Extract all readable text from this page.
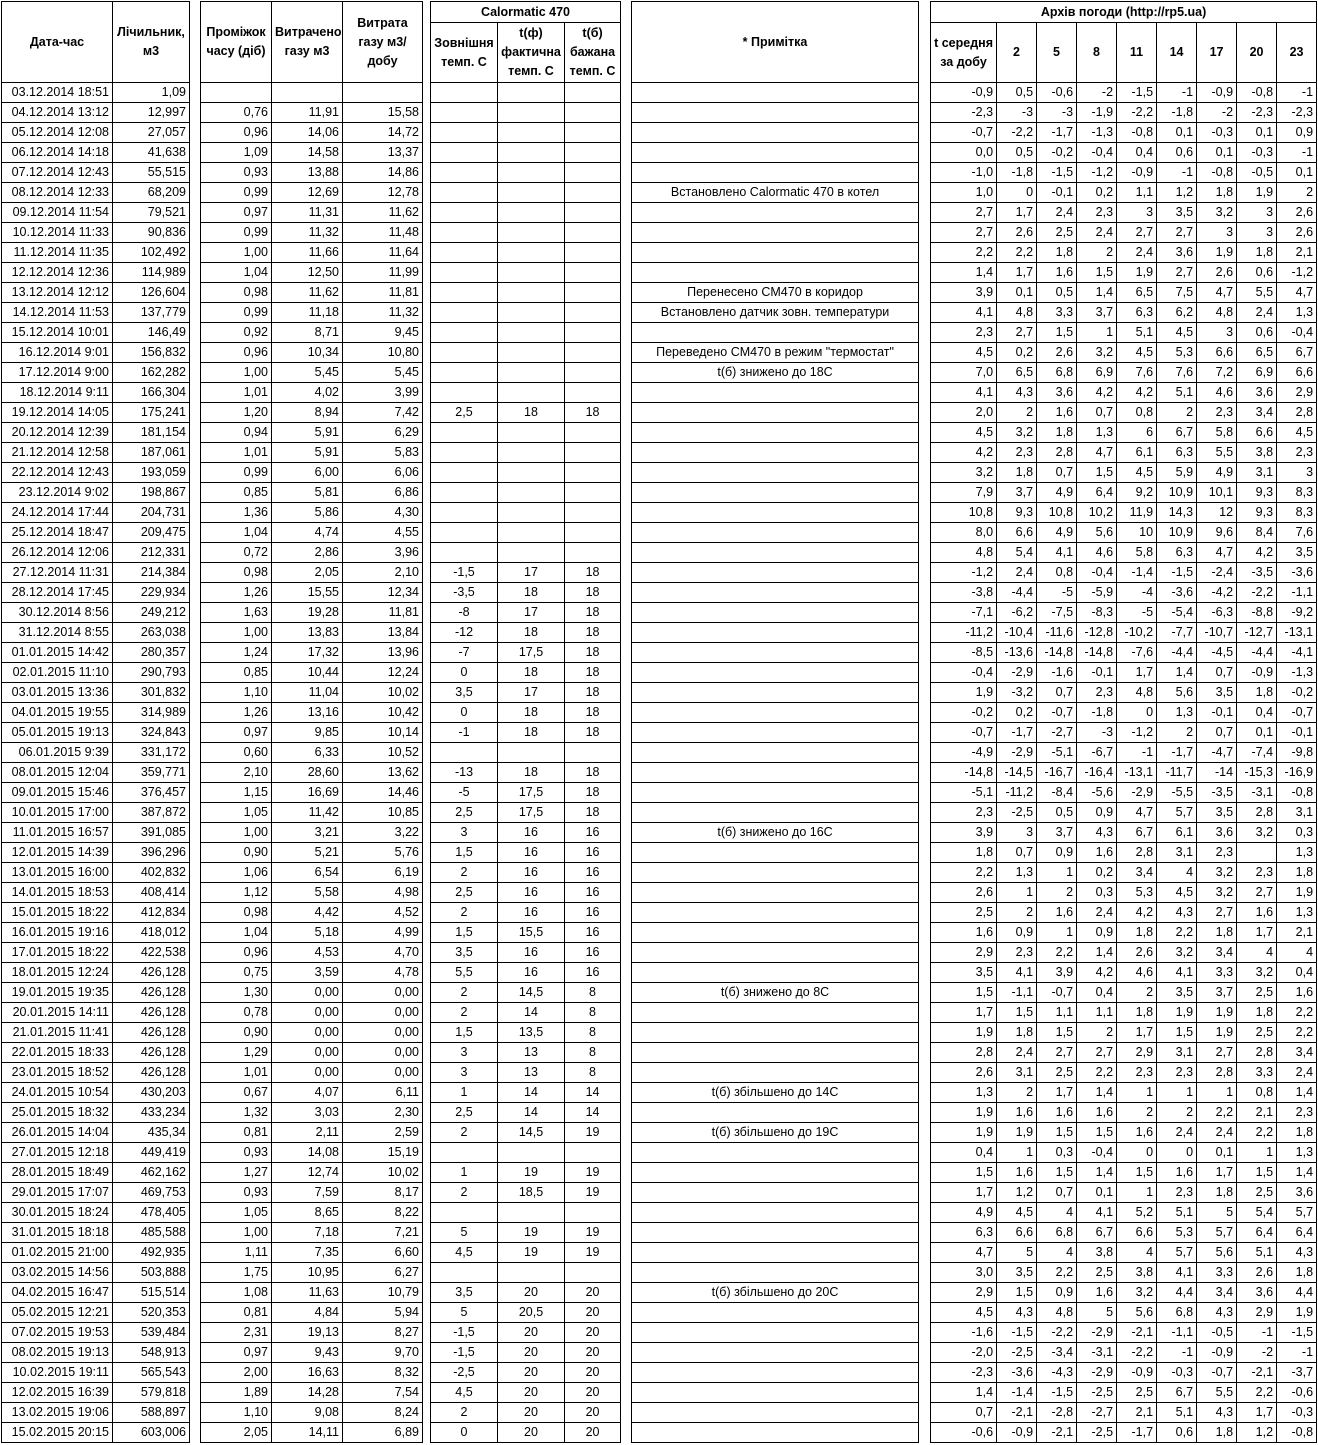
Дата-час	Лічильник, м3		Проміжок часу (діб)	Витрачено газу м3	Витрата газу м3/добу		Calormatic 470				* Примітка		Архів погоди (http://rp5.ua)								
							Зовнішня темп. С	t(ф) фактична темп. С	t(б) бажана темп. С				t середня за добу	2	5	8	11	14	17	20	23
03.12.2014 18:51	1,09												-0,9	0,5	-0,6	-2	-1,5	-1	-0,9	-0,8	-1
04.12.2014 13:12	12,997		0,76	11,91	15,58								-2,3	-3	-3	-1,9	-2,2	-1,8	-2	-2,3	-2,3
05.12.2014 12:08	27,057		0,96	14,06	14,72								-0,7	-2,2	-1,7	-1,3	-0,8	0,1	-0,3	0,1	0,9
06.12.2014 14:18	41,638		1,09	14,58	13,37								0,0	0,5	-0,2	-0,4	0,4	0,6	0,1	-0,3	-1
07.12.2014 12:43	55,515		0,93	13,88	14,86								-1,0	-1,8	-1,5	-1,2	-0,9	-1	-0,8	-0,5	0,1
08.12.2014 12:33	68,209		0,99	12,69	12,78						Встановлено Calormatic 470 в котел		1,0	0	-0,1	0,2	1,1	1,2	1,8	1,9	2
09.12.2014 11:54	79,521		0,97	11,31	11,62								2,7	1,7	2,4	2,3	3	3,5	3,2	3	2,6
10.12.2014 11:33	90,836		0,99	11,32	11,48								2,7	2,6	2,5	2,4	2,7	2,7	3	3	2,6
11.12.2014 11:35	102,492		1,00	11,66	11,64								2,2	2,2	1,8	2	2,4	3,6	1,9	1,8	2,1
12.12.2014 12:36	114,989		1,04	12,50	11,99								1,4	1,7	1,6	1,5	1,9	2,7	2,6	0,6	-1,2
13.12.2014 12:12	126,604		0,98	11,62	11,81						Перенесено CM470 в коридор		3,9	0,1	0,5	1,4	6,5	7,5	4,7	5,5	4,7
14.12.2014 11:53	137,779		0,99	11,18	11,32						Встановлено датчик зовн. температури		4,1	4,8	3,3	3,7	6,3	6,2	4,8	2,4	1,3
15.12.2014 10:01	146,49		0,92	8,71	9,45								2,3	2,7	1,5	1	5,1	4,5	3	0,6	-0,4
16.12.2014 9:01	156,832		0,96	10,34	10,80						Переведено CM470 в режим "термостат"		4,5	0,2	2,6	3,2	4,5	5,3	6,6	6,5	6,7
17.12.2014 9:00	162,282		1,00	5,45	5,45						t(б) знижено до 18С		7,0	6,5	6,8	6,9	7,6	7,6	7,2	6,9	6,6
18.12.2014 9:11	166,304		1,01	4,02	3,99								4,1	4,3	3,6	4,2	4,2	5,1	4,6	3,6	2,9
19.12.2014 14:05	175,241		1,20	8,94	7,42		2,5	18	18				2,0	2	1,6	0,7	0,8	2	2,3	3,4	2,8
20.12.2014 12:39	181,154		0,94	5,91	6,29								4,5	3,2	1,8	1,3	6	6,7	5,8	6,6	4,5
21.12.2014 12:58	187,061		1,01	5,91	5,83								4,2	2,3	2,8	4,7	6,1	6,3	5,5	3,8	2,3
22.12.2014 12:43	193,059		0,99	6,00	6,06								3,2	1,8	0,7	1,5	4,5	5,9	4,9	3,1	3
23.12.2014 9:02	198,867		0,85	5,81	6,86								7,9	3,7	4,9	6,4	9,2	10,9	10,1	9,3	8,3
24.12.2014 17:44	204,731		1,36	5,86	4,30								10,8	9,3	10,8	10,2	11,9	14,3	12	9,3	8,3
25.12.2014 18:47	209,475		1,04	4,74	4,55								8,0	6,6	4,9	5,6	10	10,9	9,6	8,4	7,6
26.12.2014 12:06	212,331		0,72	2,86	3,96								4,8	5,4	4,1	4,6	5,8	6,3	4,7	4,2	3,5
27.12.2014 11:31	214,384		0,98	2,05	2,10		-1,5	17	18				-1,2	2,4	0,8	-0,4	-1,4	-1,5	-2,4	-3,5	-3,6
28.12.2014 17:45	229,934		1,26	15,55	12,34		-3,5	18	18				-3,8	-4,4	-5	-5,9	-4	-3,6	-4,2	-2,2	-1,1
30.12.2014 8:56	249,212		1,63	19,28	11,81		-8	17	18				-7,1	-6,2	-7,5	-8,3	-5	-5,4	-6,3	-8,8	-9,2
31.12.2014 8:55	263,038		1,00	13,83	13,84		-12	18	18				-11,2	-10,4	-11,6	-12,8	-10,2	-7,7	-10,7	-12,7	-13,1
01.01.2015 14:42	280,357		1,24	17,32	13,96		-7	17,5	18				-8,5	-13,6	-14,8	-14,8	-7,6	-4,4	-4,5	-4,4	-4,1
02.01.2015 11:10	290,793		0,85	10,44	12,24		0	18	18				-0,4	-2,9	-1,6	-0,1	1,7	1,4	0,7	-0,9	-1,3
03.01.2015 13:36	301,832		1,10	11,04	10,02		3,5	17	18				1,9	-3,2	0,7	2,3	4,8	5,6	3,5	1,8	-0,2
04.01.2015 19:55	314,989		1,26	13,16	10,42		0	18	18				-0,2	0,2	-0,7	-1,8	0	1,3	-0,1	0,4	-0,7
05.01.2015 19:13	324,843		0,97	9,85	10,14		-1	18	18				-0,7	-1,7	-2,7	-3	-1,2	2	0,7	0,1	-0,1
06.01.2015 9:39	331,172		0,60	6,33	10,52								-4,9	-2,9	-5,1	-6,7	-1	-1,7	-4,7	-7,4	-9,8
08.01.2015 12:04	359,771		2,10	28,60	13,62		-13	18	18				-14,8	-14,5	-16,7	-16,4	-13,1	-11,7	-14	-15,3	-16,9
09.01.2015 15:46	376,457		1,15	16,69	14,46		-5	17,5	18				-5,1	-11,2	-8,4	-5,6	-2,9	-5,5	-3,5	-3,1	-0,8
10.01.2015 17:00	387,872		1,05	11,42	10,85		2,5	17,5	18				2,3	-2,5	0,5	0,9	4,7	5,7	3,5	2,8	3,1
11.01.2015 16:57	391,085		1,00	3,21	3,22		3	16	16		t(б) знижено до 16С		3,9	3	3,7	4,3	6,7	6,1	3,6	3,2	0,3
12.01.2015 14:39	396,296		0,90	5,21	5,76		1,5	16	16				1,8	0,7	0,9	1,6	2,8	3,1	2,3		1,3
13.01.2015 16:00	402,832		1,06	6,54	6,19		2	16	16				2,2	1,3	1	0,2	3,4	4	3,2	2,3	1,8
14.01.2015 18:53	408,414		1,12	5,58	4,98		2,5	16	16				2,6	1	2	0,3	5,3	4,5	3,2	2,7	1,9
15.01.2015 18:22	412,834		0,98	4,42	4,52		2	16	16				2,5	2	1,6	2,4	4,2	4,3	2,7	1,6	1,3
16.01.2015 19:16	418,012		1,04	5,18	4,99		1,5	15,5	16				1,6	0,9	1	0,9	1,8	2,2	1,8	1,7	2,1
17.01.2015 18:22	422,538		0,96	4,53	4,70		3,5	16	16				2,9	2,3	2,2	1,4	2,6	3,2	3,4	4	4
18.01.2015 12:24	426,128		0,75	3,59	4,78		5,5	16	16				3,5	4,1	3,9	4,2	4,6	4,1	3,3	3,2	0,4
19.01.2015 19:35	426,128		1,30	0,00	0,00		2	14,5	8		t(б) знижено до 8С		1,5	-1,1	-0,7	0,4	2	3,5	3,7	2,5	1,6
20.01.2015 14:11	426,128		0,78	0,00	0,00		2	14	8				1,7	1,5	1,1	1,1	1,8	1,9	1,9	1,8	2,2
21.01.2015 11:41	426,128		0,90	0,00	0,00		1,5	13,5	8				1,9	1,8	1,5	2	1,7	1,5	1,9	2,5	2,2
22.01.2015 18:33	426,128		1,29	0,00	0,00		3	13	8				2,8	2,4	2,7	2,7	2,9	3,1	2,7	2,8	3,4
23.01.2015 18:52	426,128		1,01	0,00	0,00		3	13	8				2,6	3,1	2,5	2,2	2,3	2,3	2,8	3,3	2,4
24.01.2015 10:54	430,203		0,67	4,07	6,11		1	14	14		t(б) збільшено до 14С		1,3	2	1,7	1,4	1	1	1	0,8	1,4
25.01.2015 18:32	433,234		1,32	3,03	2,30		2,5	14	14				1,9	1,6	1,6	1,6	2	2	2,2	2,1	2,3
26.01.2015 14:04	435,34		0,81	2,11	2,59		2	14,5	19		t(б) збільшено до 19С		1,9	1,9	1,5	1,5	1,6	2,4	2,4	2,2	1,8
27.01.2015 12:18	449,419		0,93	14,08	15,19								0,4	1	0,3	-0,4	0	0	0,1	1	1,3
28.01.2015 18:49	462,162		1,27	12,74	10,02		1	19	19				1,5	1,6	1,5	1,4	1,5	1,6	1,7	1,5	1,4
29.01.2015 17:07	469,753		0,93	7,59	8,17		2	18,5	19				1,7	1,2	0,7	0,1	1	2,3	1,8	2,5	3,6
30.01.2015 18:24	478,405		1,05	8,65	8,22								4,9	4,5	4	4,1	5,2	5,1	5	5,4	5,7
31.01.2015 18:18	485,588		1,00	7,18	7,21		5	19	19				6,3	6,6	6,8	6,7	6,6	5,3	5,7	6,4	6,4
01.02.2015 21:00	492,935		1,11	7,35	6,60		4,5	19	19				4,7	5	4	3,8	4	5,7	5,6	5,1	4,3
03.02.2015 14:56	503,888		1,75	10,95	6,27								3,0	3,5	2,2	2,5	3,8	4,1	3,3	2,6	1,8
04.02.2015 16:47	515,514		1,08	11,63	10,79		3,5	20	20		t(б) збільшено до 20С		2,9	1,5	0,9	1,6	3,2	4,4	3,4	3,6	4,4
05.02.2015 12:21	520,353		0,81	4,84	5,94		5	20,5	20				4,5	4,3	4,8	5	5,6	6,8	4,3	2,9	1,9
07.02.2015 19:53	539,484		2,31	19,13	8,27		-1,5	20	20				-1,6	-1,5	-2,2	-2,9	-2,1	-1,1	-0,5	-1	-1,5
08.02.2015 19:13	548,913		0,97	9,43	9,70		-1,5	20	20				-2,0	-2,5	-3,4	-3,1	-2,2	-1	-0,9	-2	-1
10.02.2015 19:11	565,543		2,00	16,63	8,32		-2,5	20	20				-2,3	-3,6	-4,3	-2,9	-0,9	-0,3	-0,7	-2,1	-3,7
12.02.2015 16:39	579,818		1,89	14,28	7,54		4,5	20	20				1,4	-1,4	-1,5	-2,5	2,5	6,7	5,5	2,2	-0,6
13.02.2015 19:06	588,897		1,10	9,08	8,24		2	20	20				0,7	-2,1	-2,8	-2,7	2,1	5,1	4,3	1,7	-0,3
15.02.2015 20:15	603,006		2,05	14,11	6,89		0	20	20				-0,6	-0,9	-2,1	-2,5	-1,7	0,6	1,8	1,2	-0,8
